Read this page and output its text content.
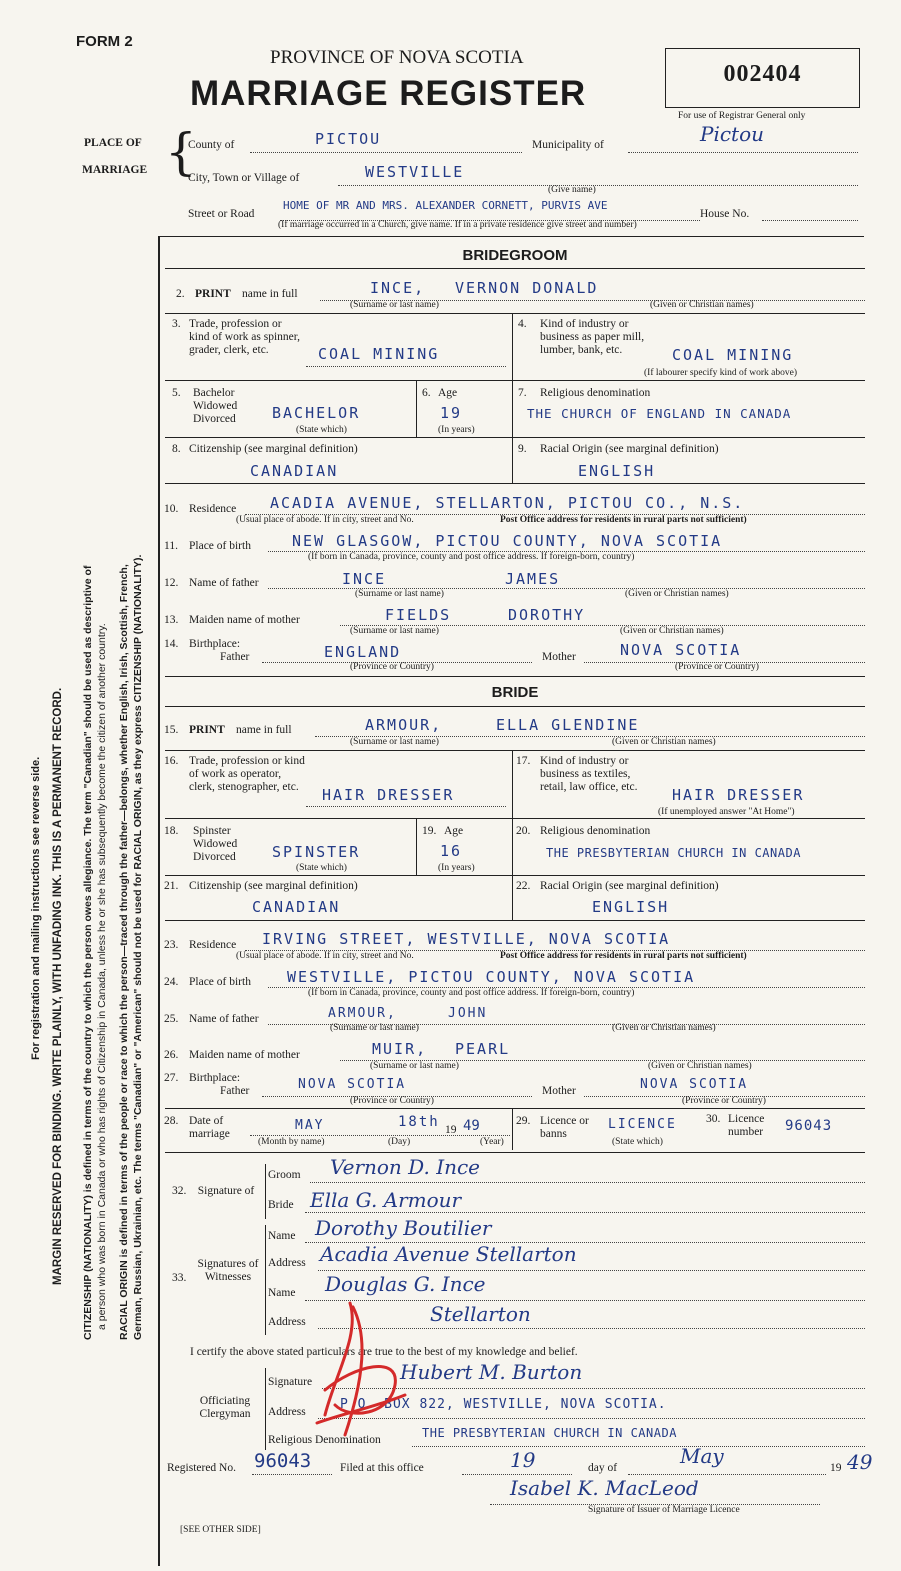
FORM 2
PROVINCE OF NOVA SCOTIA
MARRIAGE REGISTER	002404
For use of Registrar General only
PLACE OF
MARRIAGE {
County of	PICTOU	Municipality of	Pictou
City, Town or Village of	WESTVILLE
(Give name)
Street or Road
HOME OF MR AND MRS. ALEXANDER CORNETT, PURVIS AVE
House No.
(If marriage occurred in a Church, give name. If in a private residence give street and number)
MARGIN RESERVED FOR BINDING. WRITE PLAINLY, WITH UNFADING INK. THIS IS A PERMANENT RECORD.
For registration and mailing instructions see reverse side.	CITIZENSHIP (NATIONALITY) is defined in terms of the country to which the person owes allegiance. The term "Canadian" should be used as descriptive of a person who was born in Canada or who has rights of Citizenship in Canada, unless he or she has subsequently become the citizen of another country. RACIAL ORIGIN is defined in terms of the people or race to which the person—traced through the father—belongs, whether English, Irish, Scottish, French, German, Russian, Ukrainian, etc. The terms "Canadian" or "American" should not be used for RACIAL ORIGIN, as they express CITIZENSHIP (NATIONALITY).
BRIDEGROOM
2. PRINT name in full	INCE, VERNON DONALD
(Surname or last name)	(Given or Christian names)
3. Trade, profession or kind of work as spinner, grader, clerk, etc.	COAL MINING
4. Kind of industry or business as paper mill, lumber, bank, etc.	COAL MINING
(If labourer specify kind of work above)
5. Bachelor Widowed Divorced	BACHELOR
(State which)
6. Age
19
(In years)
7. Religious denomination
THE CHURCH OF ENGLAND IN CANADA
8. Citizenship (see marginal definition)
CANADIAN
9. Racial Origin (see marginal definition)
ENGLISH
10. Residence ACADIA AVENUE, STELLARTON, PICTOU CO., N.S.
(Usual place of abode. If in city, street and No.	Post Office address for residents in rural parts not sufficient)
11. Place of birth	NEW GLASGOW, PICTOU COUNTY, NOVA SCOTIA
(If born in Canada, province, county and post office address. If foreign-born, country)
12. Name of father	INCE	JAMES
(Surname or last name)	(Given or Christian names)
13. Maiden name of mother	FIELDS	DOROTHY
(Surname or last name)	(Given or Christian names)
14. Birthplace:
Father	ENGLAND	Mother	NOVA SCOTIA
(Province or Country)	(Province or Country)
BRIDE
15. PRINT name in full	ARMOUR,	ELLA GLENDINE
(Surname or last name)	(Given or Christian names)
16. Trade, profession or kind of work as operator, clerk, stenographer, etc.	HAIR DRESSER
17. Kind of industry or business as textiles, retail, law office, etc.	HAIR DRESSER
(If unemployed answer "At Home")
18. Spinster Widowed Divorced	SPINSTER
(State which)
19. Age
16
(In years)
20. Religious denomination
THE PRESBYTERIAN CHURCH IN CANADA
21. Citizenship (see marginal definition)
CANADIAN
22. Racial Origin (see marginal definition)
ENGLISH
23. Residence IRVING STREET, WESTVILLE, NOVA SCOTIA
(Usual place of abode. If in city, street and No.	Post Office address for residents in rural parts not sufficient)
24. Place of birth WESTVILLE, PICTOU COUNTY, NOVA SCOTIA
(If born in Canada, province, county and post office address. If foreign-born, country)
25. Name of father	ARMOUR,	JOHN
(Surname or last name)	(Given or Christian names)
26. Maiden name of mother	MUIR, PEARL
(Surname or last name)	(Given or Christian names)
27. Birthplace:
Father	NOVA SCOTIA	Mother	NOVA SCOTIA
(Province or Country)	(Province or Country)
28. Date of marriage
MAY	18th 19 49
(Month by name)	(Day)	(Year)
29. Licence or banns
LICENCE
(State which)
30. Licence number	96043
32. Signature of
Groom Vernon D. Ince
Bride Ella G. Armour
33.
Signatures of Witnesses
Name Dorothy Boutilier
Address Acadia Avenue Stellarton
Name Douglas G. Ince
Address	Stellarton
I certify the above stated particulars are true to the best of my knowledge and belief.
Officiating Clergyman
Signature	Hubert M. Burton
Address	P.O. BOX 822, WESTVILLE, NOVA SCOTIA.
Religious Denomination	THE PRESBYTERIAN CHURCH IN CANADA
Registered No. 96043	Filed at this office	19	day of	May	19 49
Isabel K. MacLeod
Signature of Issuer of Marriage Licence
[SEE OTHER SIDE]
